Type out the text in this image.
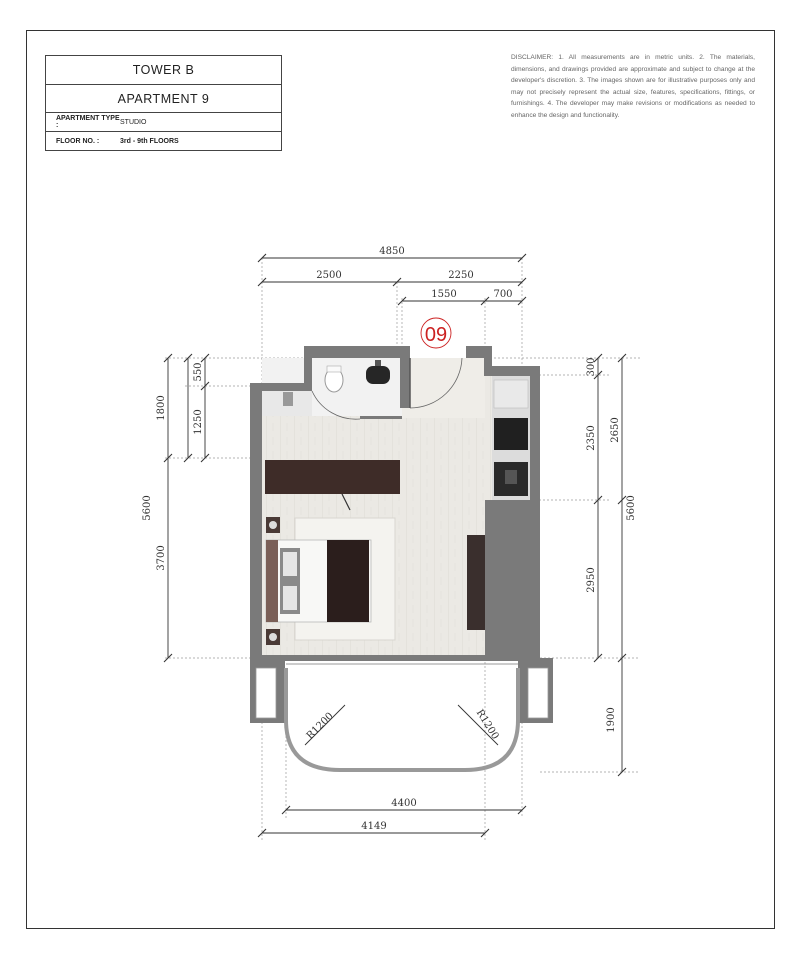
TOWER B
APARTMENT 9
APARTMENT TYPE :	STUDIO
FLOOR NO. :	3rd - 9th FLOORS
DISCLAIMER: 1. All measurements are in metric units. 2. The materials, dimensions, and drawings provided are approximate and subject to change at the developer's discretion. 3. The images shown are for illustrative purposes only and may not precisely represent the actual size, features, specifications, fittings, or furnishings. 4. The developer may make revisions or modifications as needed to enhance the design and functionality.
09
4850
2500	2250
1550	700
1800
5600
3700
550
1250
300
2350 2650
5600
2950
1900
4400
4149
R1200	R1200
